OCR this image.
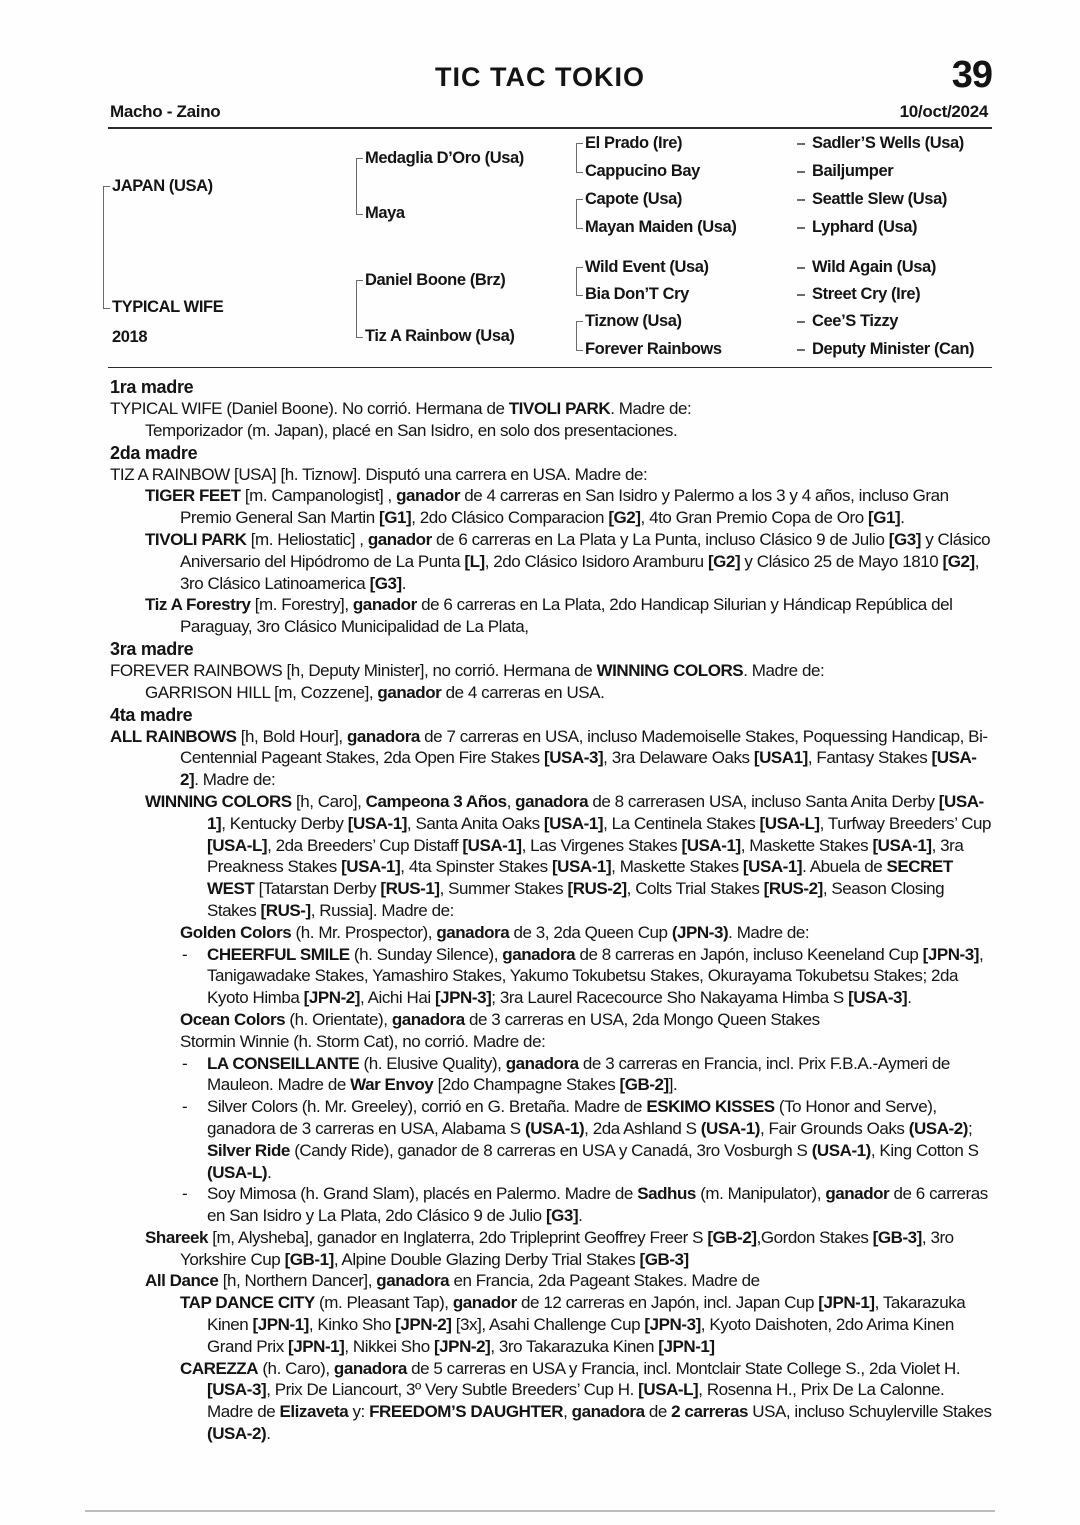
TIC TAC TOKIO	39
Macho - Zaino	10/oct/2024
JAPAN (USA)
TYPICAL WIFE
2018
Medaglia D’Oro (Usa)
Maya
Daniel Boone (Brz)
Tiz A Rainbow (Usa)
El Prado (Ire)
Cappucino Bay
Capote (Usa)
Mayan Maiden (Usa)
Wild Event (Usa)
Bia Don’T Cry
Tiznow (Usa)
Forever Rainbows
Sadler’S Wells (Usa)
Bailjumper
Seattle Slew (Usa)
Lyphard (Usa)
Wild Again (Usa)
Street Cry (Ire)
Cee’S Tizzy
Deputy Minister (Can)
1ra madre

TYPICAL WIFE (Daniel Boone). No corrió. Hermana de TIVOLI PARK. Madre de:

Temporizador (m. Japan), placé en San Isidro, en solo dos presentaciones.

2da madre

TIZ A RAINBOW [USA] [h. Tiznow]. Disputó una carrera en USA. Madre de:

TIGER FEET [m. Campanologist] , ganador de 4 carreras en San Isidro y Palermo a los 3 y 4 años, incluso Gran Premio General San Martin [G1], 2do Clásico Comparacion [G2], 4to Gran Premio Copa de Oro [G1].

TIVOLI PARK [m. Heliostatic] , ganador de 6 carreras en La Plata y La Punta, incluso Clásico 9 de Julio [G3] y Clásico Aniversario del Hipódromo de La Punta [L], 2do Clásico Isidoro Aramburu [G2] y Clásico 25 de Mayo 1810 [G2], 3ro Clásico Latinoamerica [G3].

Tiz A Forestry [m. Forestry], ganador de 6 carreras en La Plata, 2do Handicap Silurian y Hándicap República del Paraguay, 3ro Clásico Municipalidad de La Plata,

3ra madre

FOREVER RAINBOWS [h, Deputy Minister], no corrió. Hermana de WINNING COLORS. Madre de:

GARRISON HILL [m, Cozzene], ganador de 4 carreras en USA.

4ta madre

ALL RAINBOWS [h, Bold Hour], ganadora de 7 carreras en USA, incluso Mademoiselle Stakes, Poquessing Handicap, Bi-Centennial Pageant Stakes, 2da Open Fire Stakes [USA-3], 3ra Delaware Oaks [USA1], Fantasy Stakes [USA-2]. Madre de:

WINNING COLORS [h, Caro], Campeona 3 Años, ganadora de 8 carrerasen USA, incluso Santa Anita Derby [USA-1], Kentucky Derby [USA-1], Santa Anita Oaks [USA-1], La Centinela Stakes [USA-L], Turfway Breeders’ Cup [USA-L], 2da Breeders’ Cup Distaff [USA-1], Las Virgenes Stakes [USA-1], Maskette Stakes [USA-1], 3ra Preakness Stakes [USA-1], 4ta Spinster Stakes [USA-1], Maskette Stakes [USA-1]. Abuela de SECRET WEST [Tatarstan Derby [RUS-1], Summer Stakes [RUS-2], Colts Trial Stakes [RUS-2], Season Closing Stakes [RUS-], Russia]. Madre de:

Golden Colors (h. Mr. Prospector), ganadora de 3, 2da Queen Cup (JPN-3). Madre de:

- CHEERFUL SMILE (h. Sunday Silence), ganadora de 8 carreras en Japón, incluso Keeneland Cup [JPN-3], Tanigawadake Stakes, Yamashiro Stakes, Yakumo Tokubetsu Stakes, Okurayama Tokubetsu Stakes; 2da Kyoto Himba [JPN-2], Aichi Hai [JPN-3]; 3ra Laurel Racecource Sho Nakayama Himba S [USA-3].

Ocean Colors (h. Orientate), ganadora de 3 carreras en USA, 2da Mongo Queen Stakes

Stormin Winnie (h. Storm Cat), no corrió. Madre de:

- LA CONSEILLANTE (h. Elusive Quality), ganadora de 3 carreras en Francia, incl. Prix F.B.A.-Aymeri de Mauleon. Madre de War Envoy [2do Champagne Stakes [GB-2]].

- Silver Colors (h. Mr. Greeley), corrió en G. Bretaña. Madre de ESKIMO KISSES (To Honor and Serve), ganadora de 3 carreras en USA, Alabama S (USA-1), 2da Ashland S (USA-1), Fair Grounds Oaks (USA-2); Silver Ride (Candy Ride), ganador de 8 carreras en USA y Canadá, 3ro Vosburgh S (USA-1), King Cotton S (USA-L).

- Soy Mimosa (h. Grand Slam), placés en Palermo. Madre de Sadhus (m. Manipulator), ganador de 6 carreras en San Isidro y La Plata, 2do Clásico 9 de Julio [G3].

Shareek [m, Alysheba], ganador en Inglaterra, 2do Tripleprint Geoffrey Freer S [GB-2],Gordon Stakes [GB-3], 3ro Yorkshire Cup [GB-1], Alpine Double Glazing Derby Trial Stakes [GB-3]

All Dance [h, Northern Dancer], ganadora en Francia, 2da Pageant Stakes. Madre de

TAP DANCE CITY (m. Pleasant Tap), ganador de 12 carreras en Japón, incl. Japan Cup [JPN-1], Takarazuka Kinen [JPN-1], Kinko Sho [JPN-2] [3x], Asahi Challenge Cup [JPN-3], Kyoto Daishoten, 2do Arima Kinen Grand Prix [JPN-1], Nikkei Sho [JPN-2], 3ro Takarazuka Kinen [JPN-1]

CAREZZA (h. Caro), ganadora de 5 carreras en USA y Francia, incl. Montclair State College S., 2da Violet H. [USA-3], Prix De Liancourt, 3º Very Subtle Breeders’ Cup H. [USA-L], Rosenna H., Prix De La Calonne. Madre de Elizaveta y: FREEDOM’S DAUGHTER, ganadora de 2 carreras USA, incluso Schuylerville Stakes (USA-2).
